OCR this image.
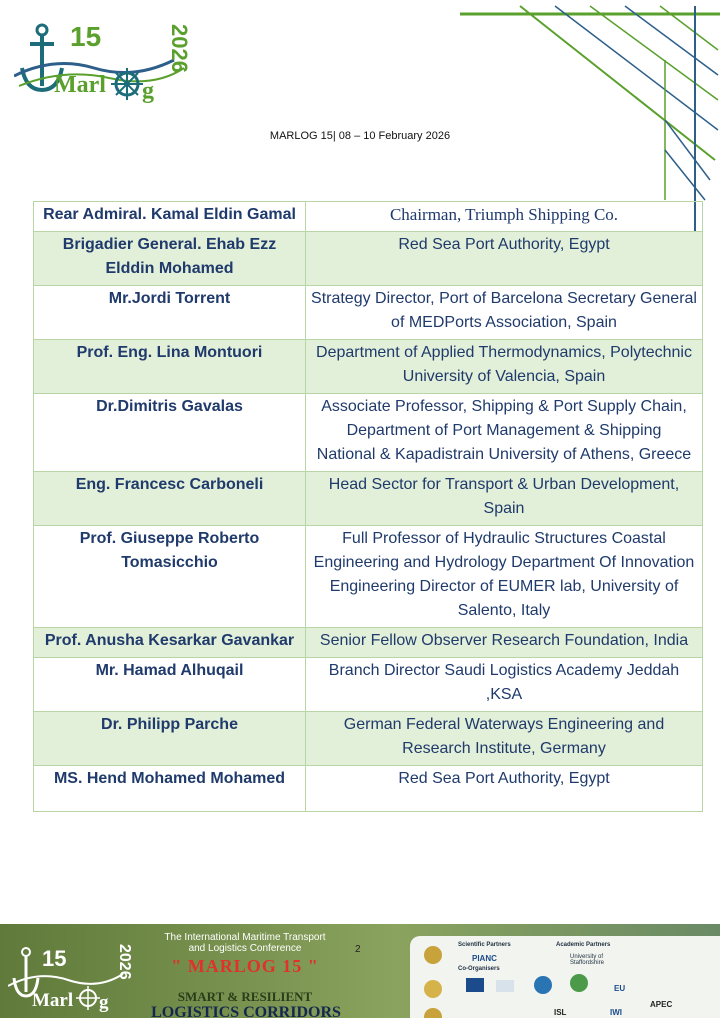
15
Marl g
2026
MARLOG 15| 08 – 10 February 2026
Rear Admiral. Kamal Eldin Gamal	Chairman, Triumph Shipping Co.
Brigadier General. Ehab Ezz Elddin Mohamed	Red Sea Port Authority, Egypt
Mr.Jordi Torrent	Strategy Director, Port of Barcelona Secretary General of MEDPorts Association, Spain
Prof. Eng. Lina Montuori	Department of Applied Thermodynamics, Polytechnic University of Valencia, Spain
Dr.Dimitris Gavalas	Associate Professor, Shipping & Port Supply Chain, Department of Port Management & Shipping
National & Kapadistrain University of Athens, Greece
Eng. Francesc Carboneli	Head Sector for Transport & Urban Development, Spain
Prof. Giuseppe Roberto Tomasicchio	Full Professor of Hydraulic Structures Coastal Engineering and Hydrology Department Of Innovation Engineering Director of EUMER lab, University of Salento, Italy
Prof. Anusha Kesarkar Gavankar	Senior Fellow Observer Research Foundation, India
Mr. Hamad Alhuqail	Branch Director Saudi Logistics Academy Jeddah ,KSA
Dr. Philipp Parche	German Federal Waterways Engineering and Research Institute, Germany
MS. Hend Mohamed Mohamed	Red Sea Port Authority, Egypt
15
Marl g
2026
The International Maritime Transport
and Logistics Conference
" MARLOG 15 "
SMART & RESILIENT
LOGISTICS CORRIDORS
2	Scientific Partners
PIANC
Co-Organisers
Academic Partners
University of Staffordshire
EU
APEC
ISL	IWI
